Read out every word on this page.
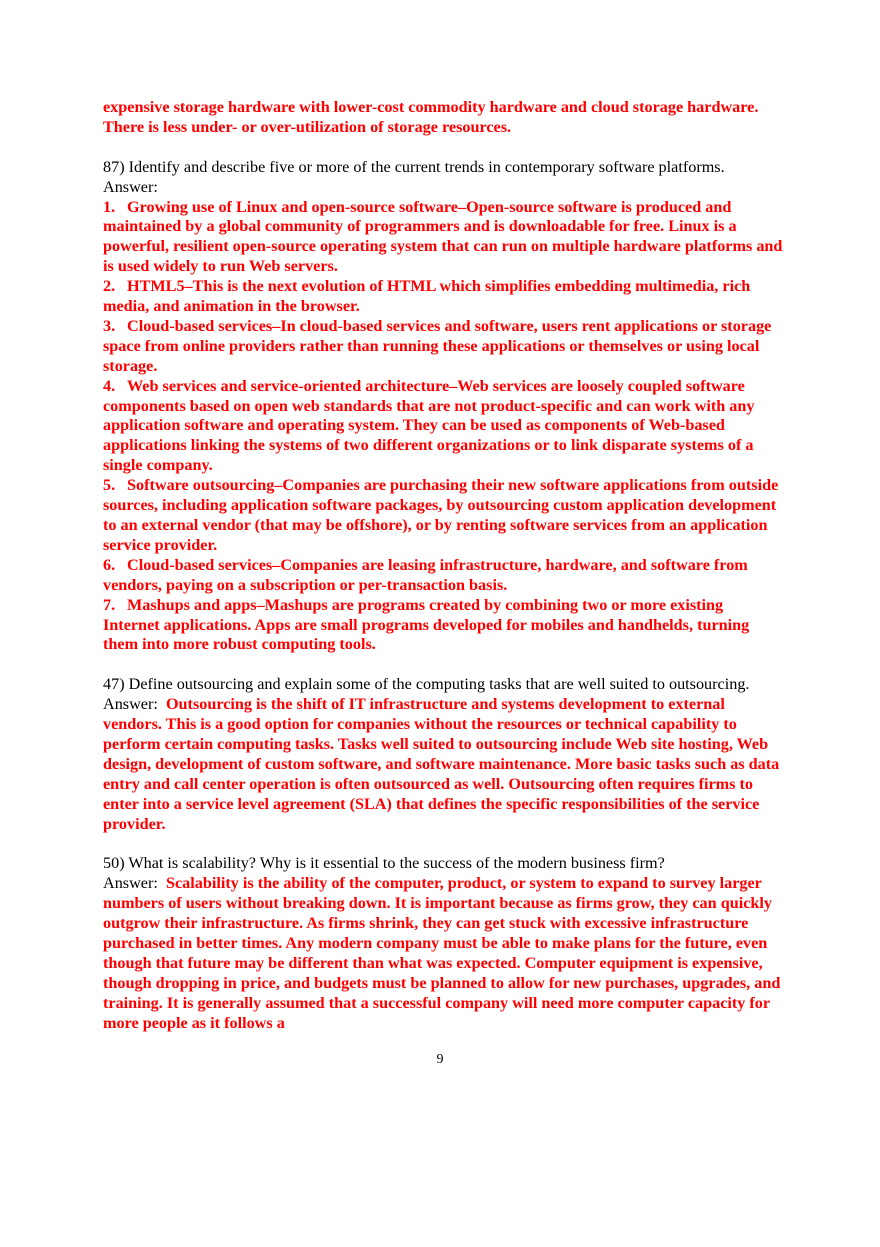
expensive storage hardware with lower-cost commodity hardware and cloud storage hardware. There is less under- or over-utilization of storage resources.

87) Identify and describe five or more of the current trends in contemporary software platforms.

Answer:

1. Growing use of Linux and open-source software–Open-source software is produced and maintained by a global community of programmers and is downloadable for free. Linux is a powerful, resilient open-source operating system that can run on multiple hardware platforms and is used widely to run Web servers.

2. HTML5–This is the next evolution of HTML which simplifies embedding multimedia, rich media, and animation in the browser.

3. Cloud-based services–In cloud-based services and software, users rent applications or storage space from online providers rather than running these applications or themselves or using local storage.

4. Web services and service-oriented architecture–Web services are loosely coupled software components based on open web standards that are not product-specific and can work with any application software and operating system. They can be used as components of Web-based applications linking the systems of two different organizations or to link disparate systems of a single company.

5. Software outsourcing–Companies are purchasing their new software applications from outside sources, including application software packages, by outsourcing custom application development to an external vendor (that may be offshore), or by renting software services from an application service provider.

6. Cloud-based services–Companies are leasing infrastructure, hardware, and software from vendors, paying on a subscription or per-transaction basis.

7. Mashups and apps–Mashups are programs created by combining two or more existing Internet applications. Apps are small programs developed for mobiles and handhelds, turning them into more robust computing tools.

47) Define outsourcing and explain some of the computing tasks that are well suited to outsourcing.

Answer: Outsourcing is the shift of IT infrastructure and systems development to external vendors. This is a good option for companies without the resources or technical capability to perform certain computing tasks. Tasks well suited to outsourcing include Web site hosting, Web design, development of custom software, and software maintenance. More basic tasks such as data entry and call center operation is often outsourced as well. Outsourcing often requires firms to enter into a service level agreement (SLA) that defines the specific responsibilities of the service provider.

50) What is scalability? Why is it essential to the success of the modern business firm?

Answer: Scalability is the ability of the computer, product, or system to expand to survey larger numbers of users without breaking down. It is important because as firms grow, they can quickly outgrow their infrastructure. As firms shrink, they can get stuck with excessive infrastructure purchased in better times. Any modern company must be able to make plans for the future, even though that future may be different than what was expected. Computer equipment is expensive, though dropping in price, and budgets must be planned to allow for new purchases, upgrades, and training. It is generally assumed that a successful company will need more computer capacity for more people as it follows a

9
